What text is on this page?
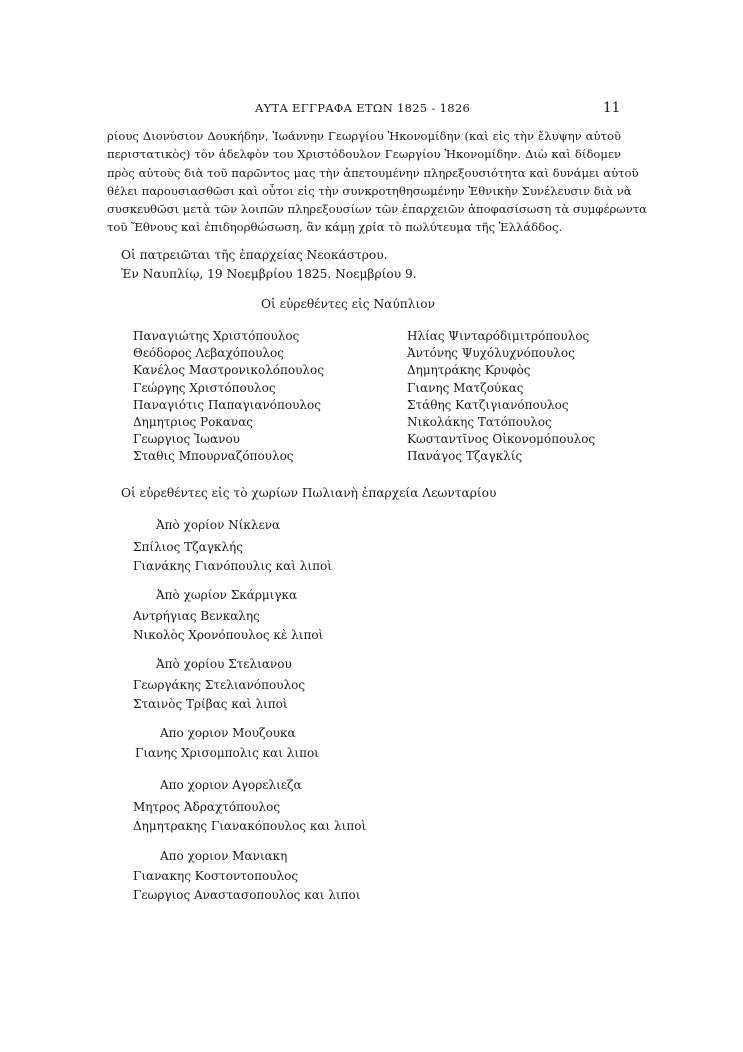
ΑΥΤΑ ΕΓΓΡΑΦΑ ΕΤΩΝ 1825 - 1826	11
ρίους Διονύσιον Δουκήδην, Ἰωάννην Γεωργίου Ἡκονομίδην (καὶ εἰς τὴν ἔλυψην αὐτοῦ
περιστατικὸς) τὸν ἀδελφὸν του Χριστόδουλον Γεωργίου Ἡκονομίδην. Διὼ καὶ δίδομεν
πρὸς αὐτοὺς διὰ τοῦ παρῶντος μας τὴν ἀπετουμένην πληρεξουσιότητα καὶ δυνάμει αὐτοῦ
θέλει παρουσιασθῶσι καὶ οὗτοι εἰς τὴν συνκροτηθησωμένην Ἐθνικὴν Συνέλευσιν διὰ νὰ
συσκευθῶσι μετὰ τῶν λοιπῶν πληρεξουσίων τῶν ἐπαρχειῶν ἀποφασίσωση τὰ συμφέρωντα
τοῦ Ἔθνους καὶ ἐπιδηορθώσωση, ἂν κάμῃ χρία τὸ πωλύτευμα τῆς Ἑλλάδδος.
Οἱ πατρειῶται τῆς ἐπαρχείας Νεοκάστρου.
Ἐν Ναυπλίῳ, 19 Νοεμβρίου 1825. Νοεμβρίου 9.
Οἱ εὑρεθέντες εἰς Ναύπλιον
Παναγιώτης Χριστόπουλος
Θεόδορος Λεβαχόπουλος
Κανέλος Μαστρονικολόπουλος
Γεώργης Χριστόπουλος
Παναγιότις Παπαγιανόπουλος
Δημητριος Ροκανας
Γεωργιος Ἰωανου
Σταθις Μπουρναζόπουλος
Ηλίας Ψινταρόδιμιτρόπουλος
Ἀντόνης Ψυχόλυχνόπουλος
Δημητράκης Κρυφὸς
Γιανης Ματζούκας
Στάθης Κατζιγιανόπουλος
Νικολάκης Τατόπουλος
Κωσταντῖνος Οἰκονομόπουλος
Πανάγος Τζαγκλίς
Οἱ εὑρεθέντες εἰς τὸ χωρίων Πωλιανὴ ἐπαρχεία Λεωνταρίου
Ἀπὸ χορίον Νίκλενα
Σπίλιος Τζαγκλής
Γιανάκης Γιανόπουλις καὶ λιποὶ
Ἀπὸ χωρίον Σκάρμιγκα
Αντρήγιας Βενκαλης
Νικολὸς Χρονόπουλος κὲ λιποὶ
Ἀπὸ χορίου Στελιανου
Γεωργάκης Στελιανόπουλος
Σταινὸς Τρίβας καὶ λιποὶ
Απο χοριον Μουζουκα
Γιανης Χρισομπολις και λιποι
Απο χοριον Αγορελιεζα
Μητρος Ἀδραχτόπουλος
Δημητρακης Γιανακόπουλος και λιποὶ
Απο χοριον Μανιακη
Γιανακης Κοστοντοπουλος
Γεωργιος Αναστασοπουλος και λιποι
